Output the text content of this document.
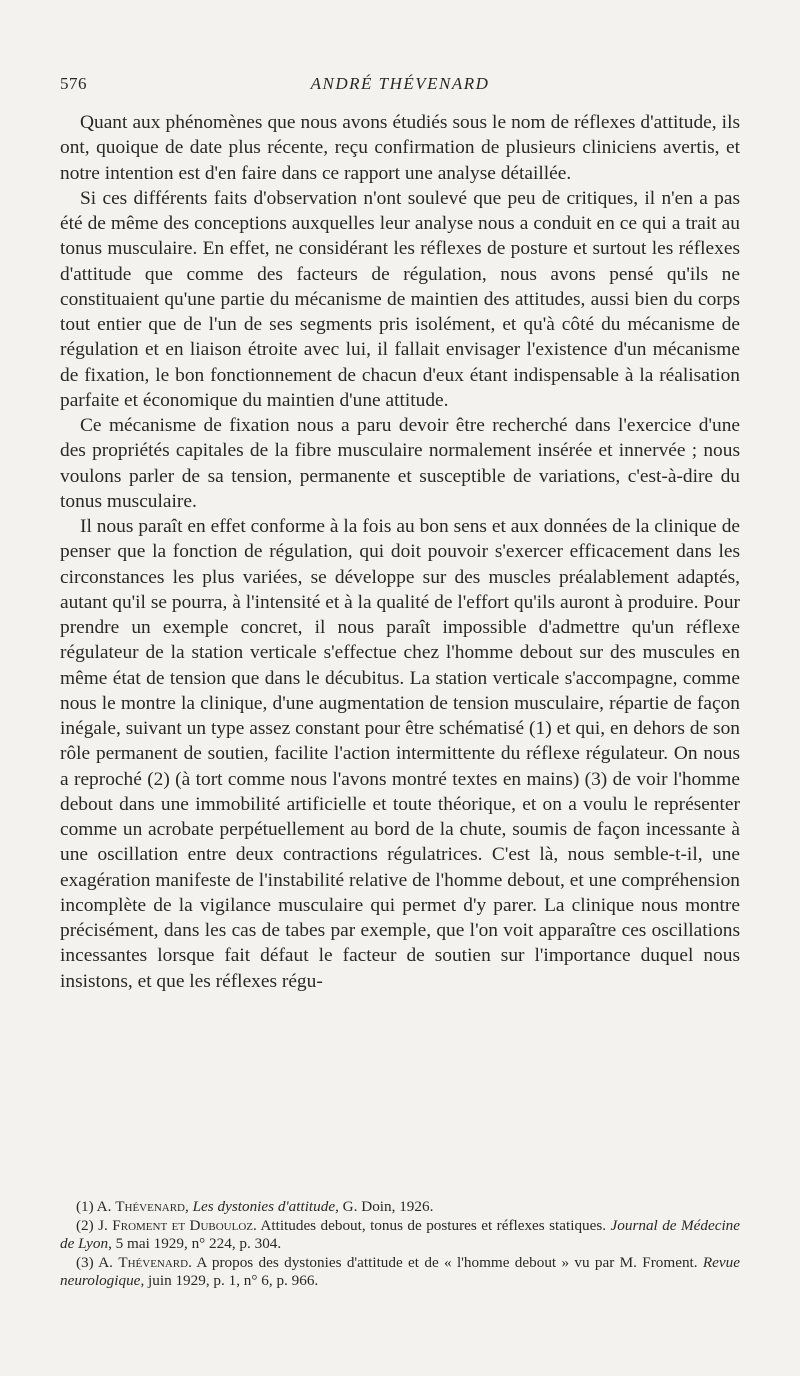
576	ANDRÉ THÉVENARD

Quant aux phénomènes que nous avons étudiés sous le nom de réflexes d'attitude, ils ont, quoique de date plus récente, reçu confirmation de plusieurs cliniciens avertis, et notre intention est d'en faire dans ce rapport une analyse détaillée.

Si ces différents faits d'observation n'ont soulevé que peu de critiques, il n'en a pas été de même des conceptions auxquelles leur analyse nous a conduit en ce qui a trait au tonus musculaire. En effet, ne considérant les réflexes de posture et surtout les réflexes d'attitude que comme des facteurs de régulation, nous avons pensé qu'ils ne constituaient qu'une partie du mécanisme de maintien des attitudes, aussi bien du corps tout entier que de l'un de ses segments pris isolément, et qu'à côté du mécanisme de régulation et en liaison étroite avec lui, il fallait envisager l'existence d'un mécanisme de fixation, le bon fonctionnement de chacun d'eux étant indispensable à la réalisation parfaite et économique du maintien d'une attitude.

Ce mécanisme de fixation nous a paru devoir être recherché dans l'exercice d'une des propriétés capitales de la fibre musculaire normalement insérée et innervée ; nous voulons parler de sa tension, permanente et susceptible de variations, c'est-à-dire du tonus musculaire.

Il nous paraît en effet conforme à la fois au bon sens et aux données de la clinique de penser que la fonction de régulation, qui doit pouvoir s'exercer efficacement dans les circonstances les plus variées, se développe sur des muscles préalablement adaptés, autant qu'il se pourra, à l'intensité et à la qualité de l'effort qu'ils auront à produire. Pour prendre un exemple concret, il nous paraît impossible d'admettre qu'un réflexe régulateur de la station verticale s'effectue chez l'homme debout sur des muscules en même état de tension que dans le décubitus. La station verticale s'accompagne, comme nous le montre la clinique, d'une augmentation de tension musculaire, répartie de façon inégale, suivant un type assez constant pour être schématisé (1) et qui, en dehors de son rôle permanent de soutien, facilite l'action intermittente du réflexe régulateur. On nous a reproché (2) (à tort comme nous l'avons montré textes en mains) (3) de voir l'homme debout dans une immobilité artificielle et toute théorique, et on a voulu le représenter comme un acrobate perpétuellement au bord de la chute, soumis de façon incessante à une oscillation entre deux contractions régulatrices. C'est là, nous semble-t-il, une exagération manifeste de l'instabilité relative de l'homme debout, et une compréhension incomplète de la vigilance musculaire qui permet d'y parer. La clinique nous montre précisément, dans les cas de tabes par exemple, que l'on voit apparaître ces oscillations incessantes lorsque fait défaut le facteur de soutien sur l'importance duquel nous insistons, et que les réflexes régu-

(1) A. Thévenard, Les dystonies d'attitude, G. Doin, 1926.

(2) J. Froment et Dubouloz. Attitudes debout, tonus de postures et réflexes statiques. Journal de Médecine de Lyon, 5 mai 1929, n° 224, p. 304.

(3) A. Thévenard. A propos des dystonies d'attitude et de « l'homme debout » vu par M. Froment. Revue neurologique, juin 1929, p. 1, n° 6, p. 966.
